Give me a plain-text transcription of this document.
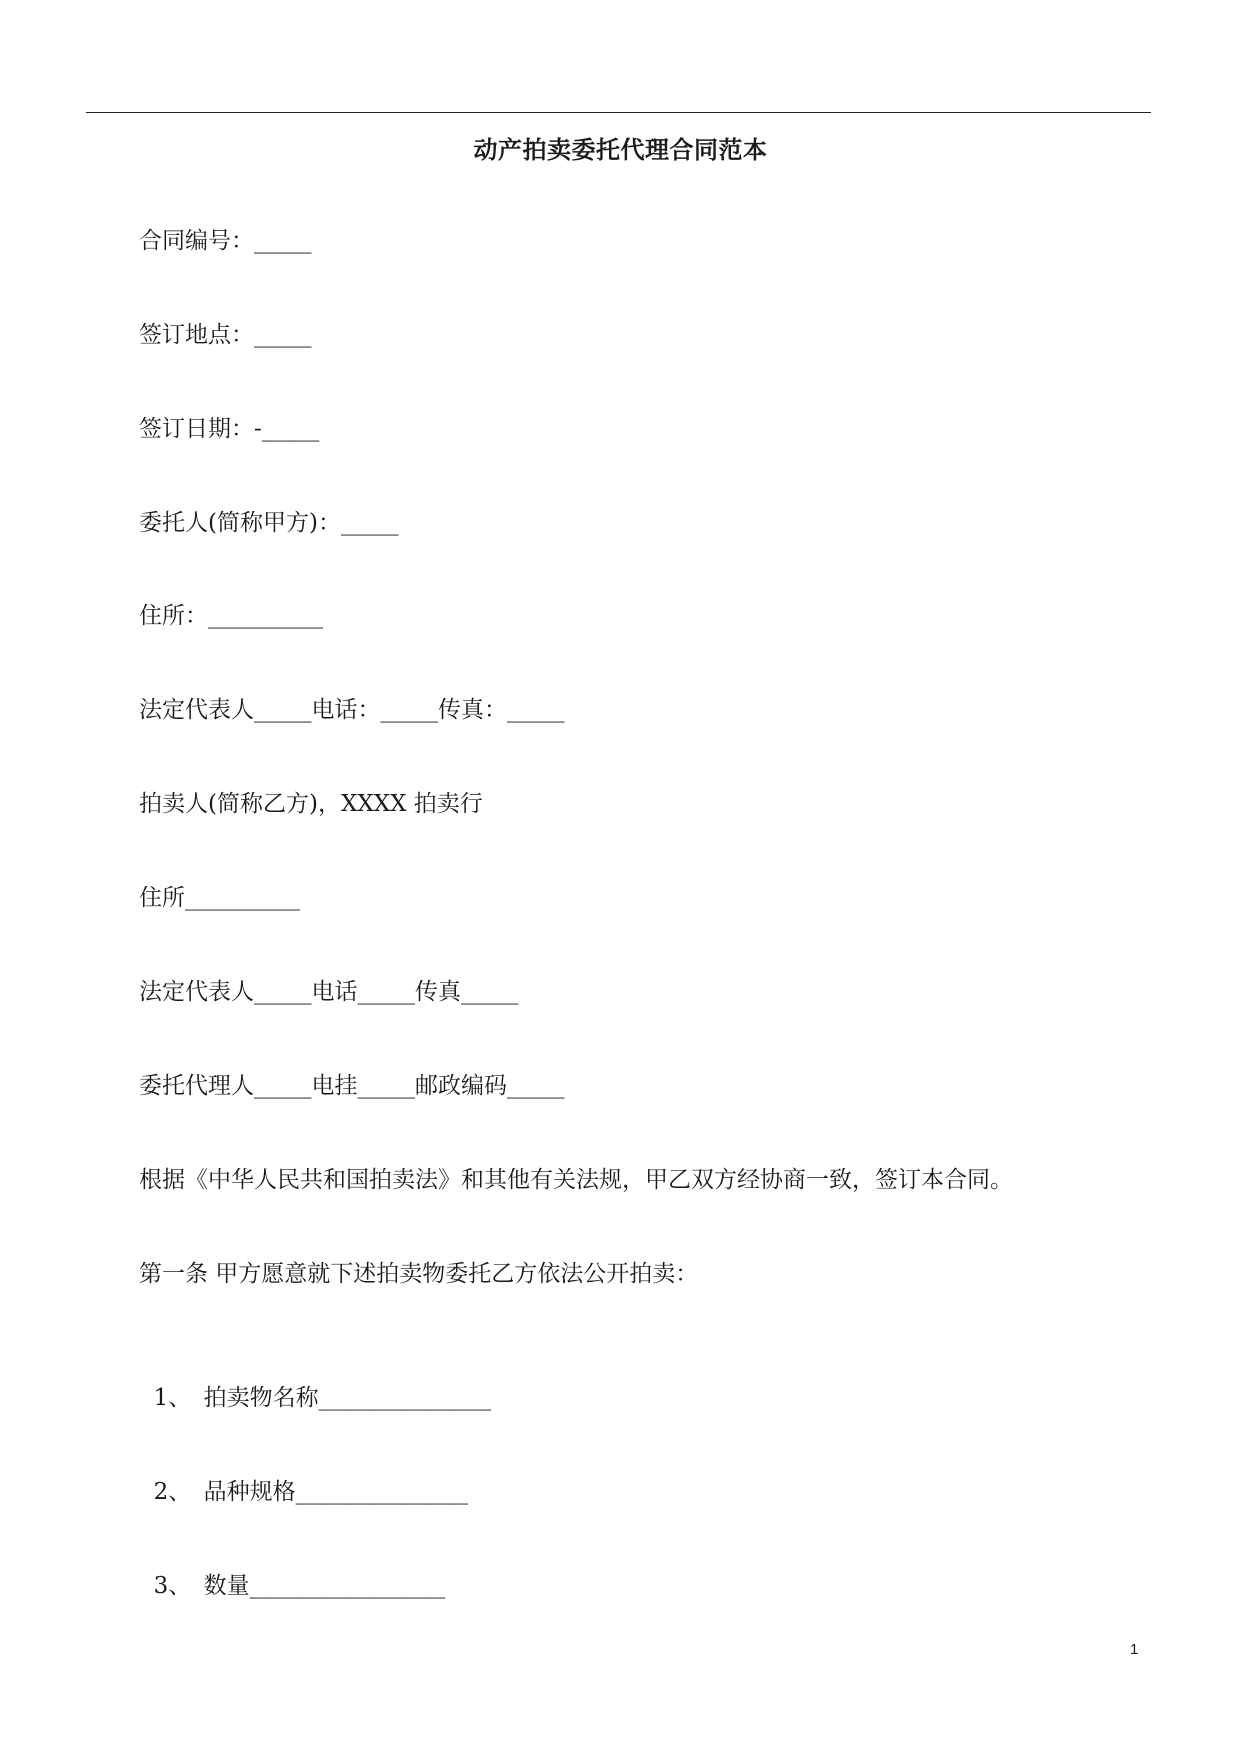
动产拍卖委托代理合同范本
合同编号：_____
签订地点：_____
签订日期：-_____
委托人(简称甲方)：_____
住所：__________
法定代表人_____电话：_____传真：_____
拍卖人(简称乙方)，XXXX 拍卖行
住所__________
法定代表人_____电话_____传真_____
委托代理人_____电挂_____邮政编码_____
根据《中华人民共和国拍卖法》和其他有关法规，甲乙双方经协商一致，签订本合同。
第一条 甲方愿意就下述拍卖物委托乙方依法公开拍卖：

1、 拍卖物名称_______________

2、 品种规格_______________

3、 数量_________________

1
